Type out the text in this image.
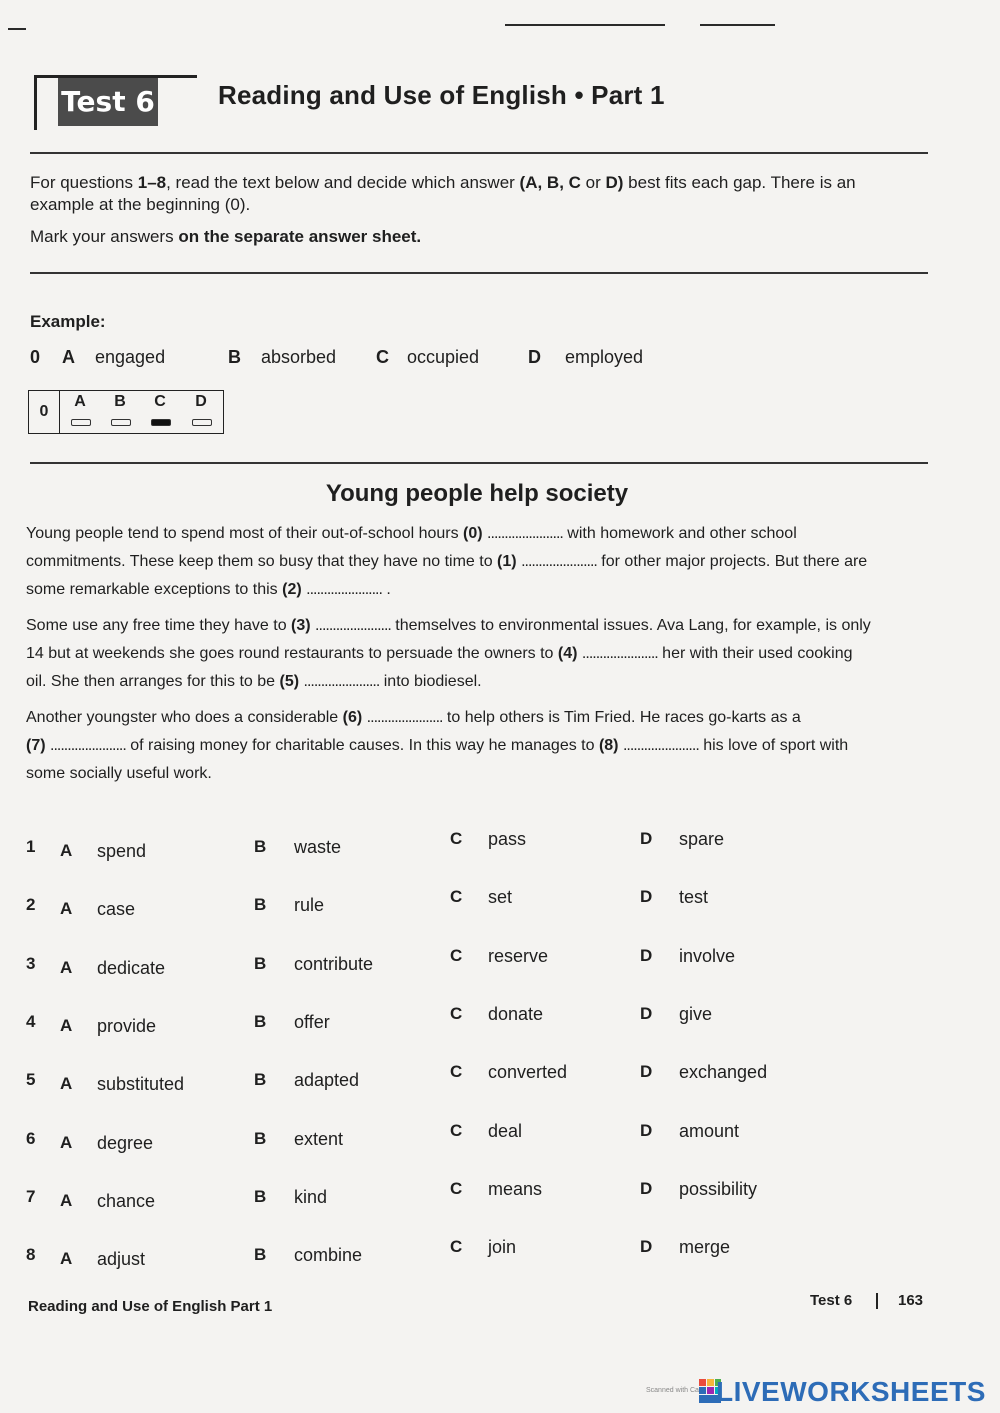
Test 6 Reading and Use of English • Part 1
For questions 1–8, read the text below and decide which answer (A, B, C or D) best fits each gap. There is an example at the beginning (0).
Mark your answers on the separate answer sheet.
Example:
0 A engaged	B absorbed C occupied	D employed
0
A	B	C	D
Young people help society
Young people tend to spend most of their out-of-school hours (0) ...................... with homework and other school
commitments. These keep them so busy that they have no time to (1) ...................... for other major projects. But there are
some remarkable exceptions to this (2) ...................... .
Some use any free time they have to (3) ...................... themselves to environmental issues. Ava Lang, for example, is only
14 but at weekends she goes round restaurants to persuade the owners to (4) ...................... her with their used cooking
oil. She then arranges for this to be (5) ...................... into biodiesel.
Another youngster who does a considerable (6) ...................... to help others is Tim Fried. He races go-karts as a
(7) ...................... of raising money for charitable causes. In this way he manages to (8) ...................... his love of sport with
some socially useful work.
1 A spend	B waste	C pass	D spare
2 A case	B rule	C set	D test
3 A dedicate	B contribute	C reserve	D involve
4 A provide	B offer	C donate	D give
5 A substituted	B adapted	C converted	D exchanged
6 A degree	B extent	C deal	D amount
7 A chance	B kind	C means	D possibility
8 A adjust	B combine	C join	D merge
Reading and Use of English Part 1	Test 6	163
Scanned with Ca LIVEWORKSHEETS
